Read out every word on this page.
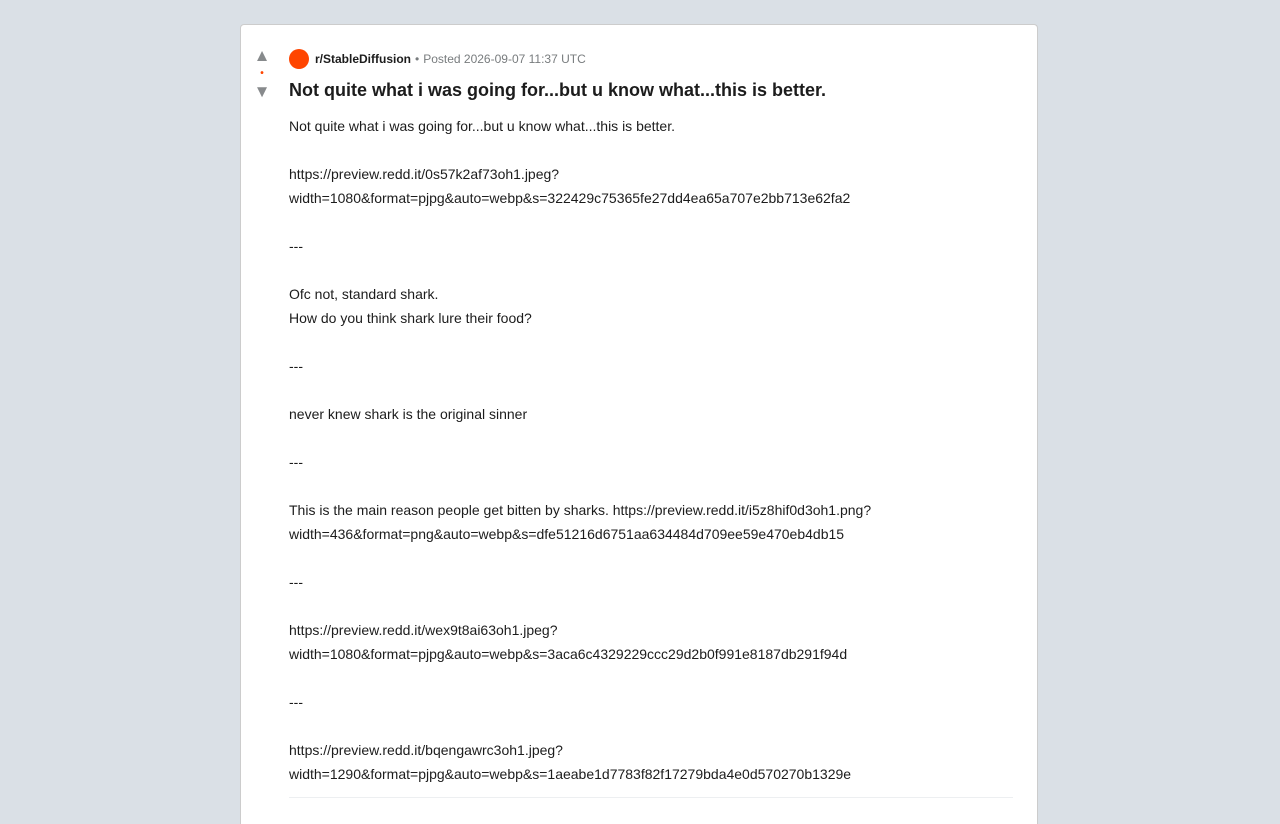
▲
•
▼
r/StableDiffusion • Posted 2026-09-07 11:37 UTC
Not quite what i was going for...but u know what...this is better.

Not quite what i was going for...but u know what...this is better.

https://preview.redd.it/0s57k2af73oh1.jpeg?
width=1080&format=pjpg&auto=webp&s=322429c75365fe27dd4ea65a707e2bb713e62fa2

---

Ofc not, standard shark.
How do you think shark lure their food?

---

never knew shark is the original sinner

---

This is the main reason people get bitten by sharks. https://preview.redd.it/i5z8hif0d3oh1.png?
width=436&format=png&auto=webp&s=dfe51216d6751aa634484d709ee59e470eb4db15

---

https://preview.redd.it/wex9t8ai63oh1.jpeg?
width=1080&format=pjpg&auto=webp&s=3aca6c4329229ccc29d2b0f991e8187db291f94d

---

https://preview.redd.it/bqengawrc3oh1.jpeg?
width=1290&format=pjpg&auto=webp&s=1aeabe1d7783f82f17279bda4e0d570270b1329e
